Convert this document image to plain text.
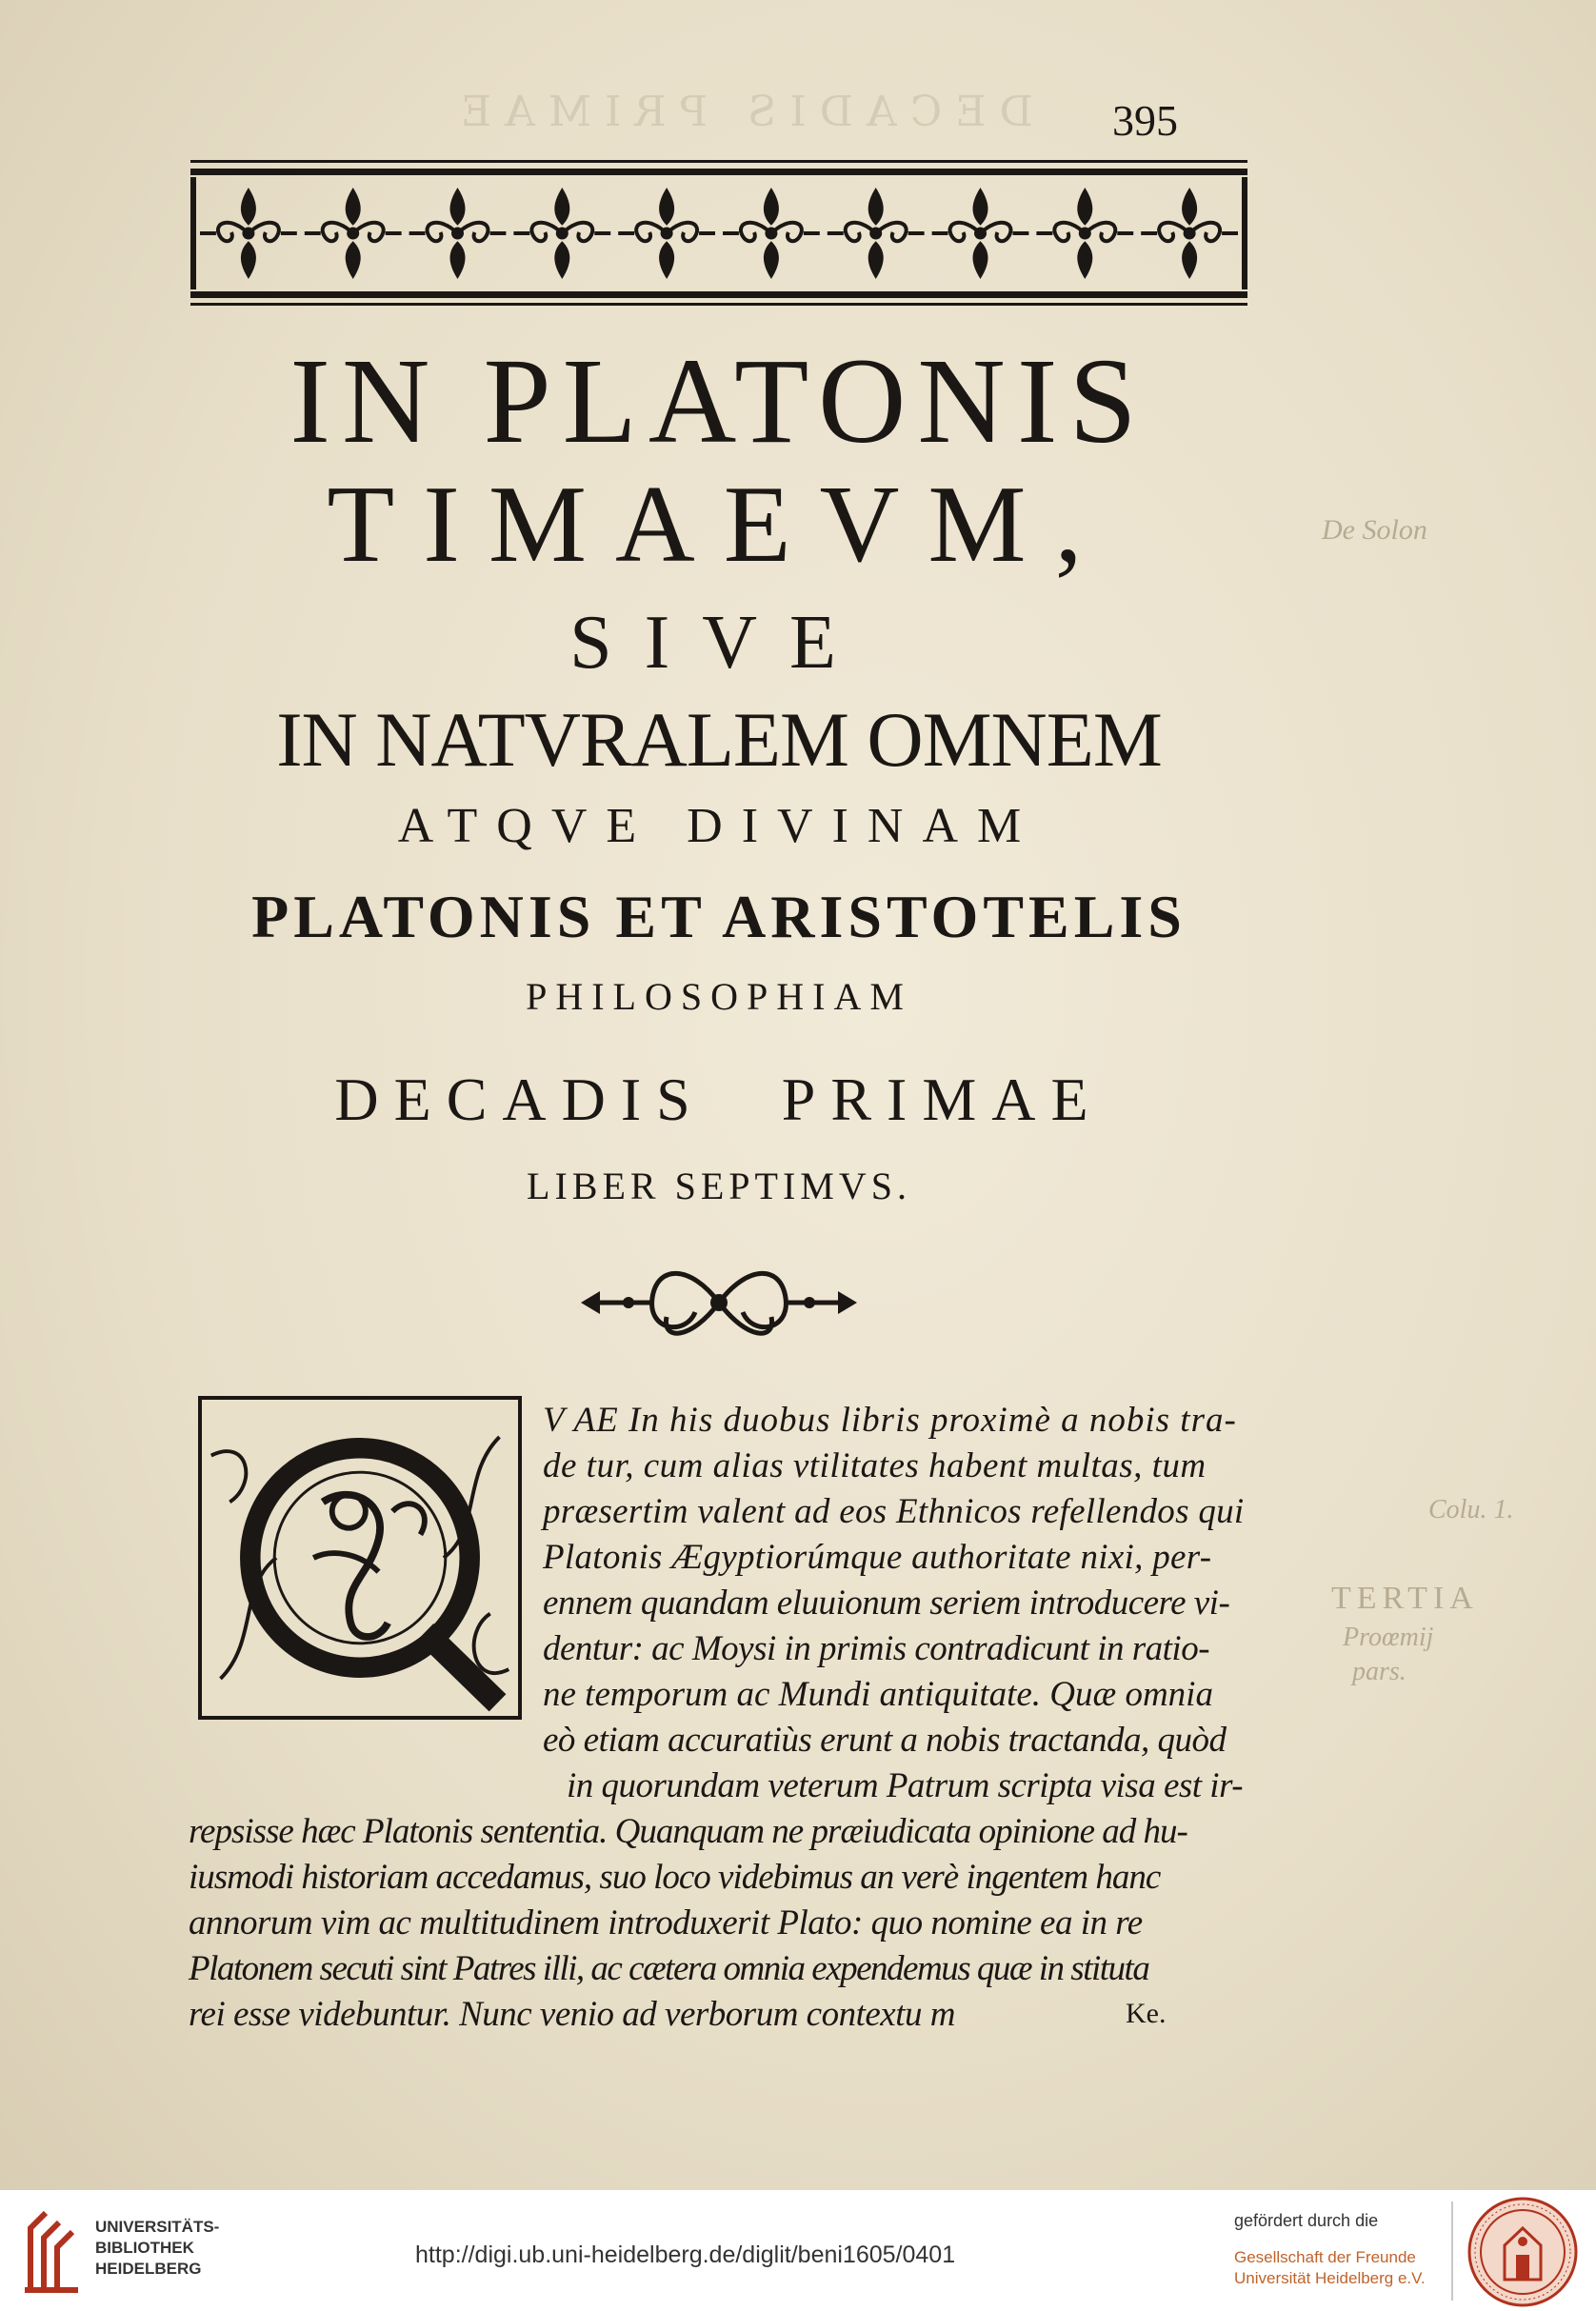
DECADIS PRIMAE 395
IN PLATONIS
TIMAEVM,
SIVE
IN NATVRALEM OMNEM
ATQVE DIVINAM
PLATONIS ET ARISTOTELIS
PHILOSOPHIAM
DECADIS PRIMAE
LIBER SEPTIMVS.
V AE In his duobus libris proximè a nobis tra-
de tur, cum alias vtilitates habent multas, tum
præsertim valent ad eos Ethnicos refellendos qui
Platonis Ægyptiorúmque authoritate nixi, per-
ennem quandam eluuionum seriem introducere vi-
dentur: ac Moysi in primis contradicunt in ratio-
ne temporum ac Mundi antiquitate. Quæ omnia
eò etiam accuratiùs erunt a nobis tractanda, quòd
in quorundam veterum Patrum scripta visa est ir-
repsisse hæc Platonis sententia. Quanquam ne præiudicata opinione ad hu-
iusmodi historiam accedamus, suo loco videbimus an verè ingentem hanc
annorum vim ac multitudinem introduxerit Plato: quo nomine ea in re
Platonem secuti sint Patres illi, ac cætera omnia expendemus quæ in stituta
rei esse videbuntur. Nunc venio ad verborum contextu m	Ke.
De Solon
Colu. 1.
TERTIA
Proœmij
pars.
UNIVERSITÄTS-
BIBLIOTHEK
HEIDELBERG
http://digi.ub.uni-heidelberg.de/diglit/beni1605/0401
gefördert durch die
Gesellschaft der Freunde
Universität Heidelberg e.V.
